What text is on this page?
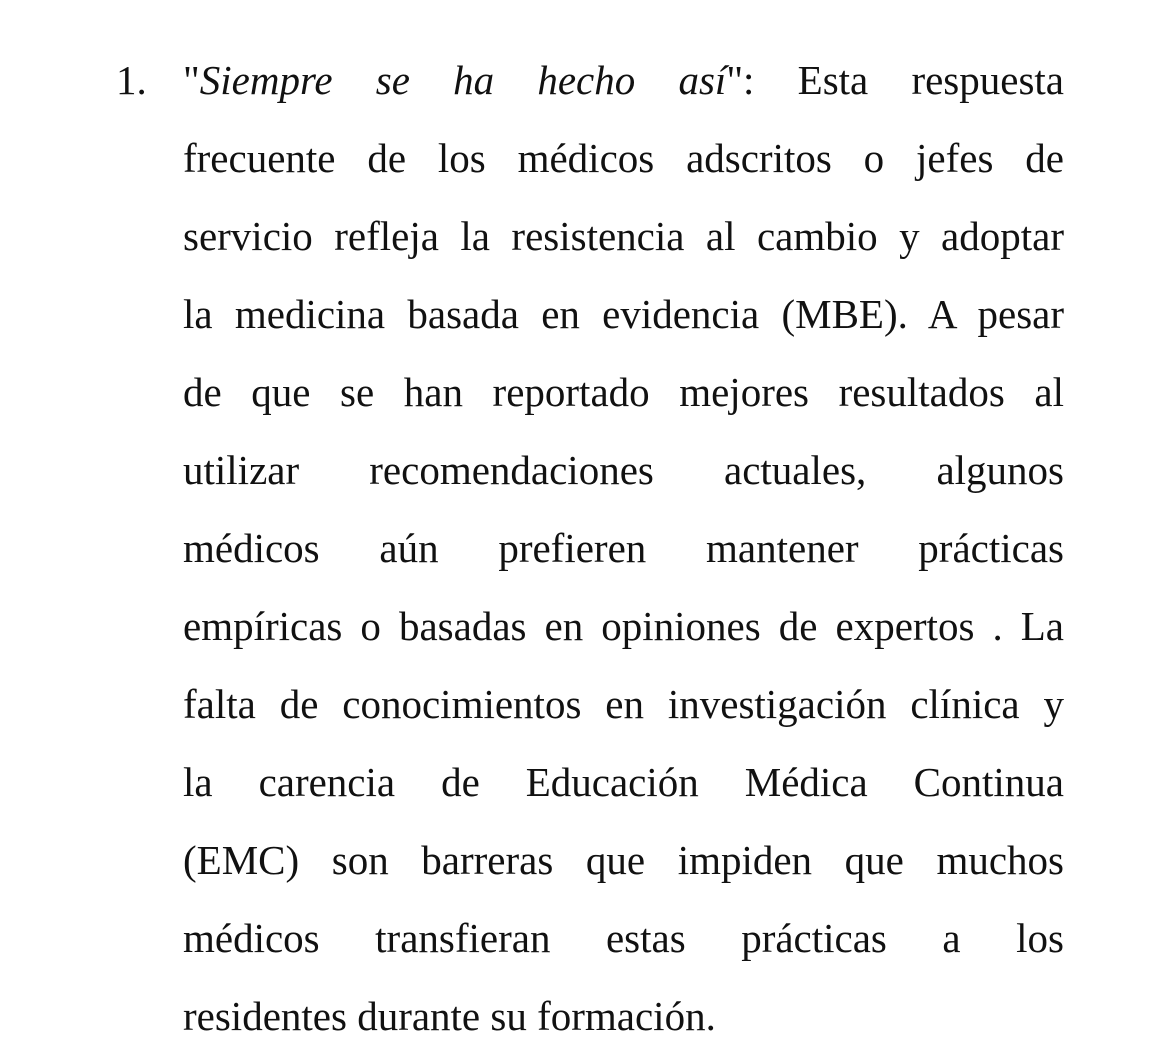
1. "Siempre se ha hecho así": Esta respuesta
frecuente de los médicos adscritos o jefes de
servicio refleja la resistencia al cambio y adoptar
la medicina basada en evidencia (MBE). A pesar
de que se han reportado mejores resultados al
utilizar recomendaciones actuales, algunos
médicos aún prefieren mantener prácticas
empíricas o basadas en opiniones de expertos . La
falta de conocimientos en investigación clínica y
la carencia de Educación Médica Continua
(EMC) son barreras que impiden que muchos
médicos transfieran estas prácticas a los
residentes durante su formación.
